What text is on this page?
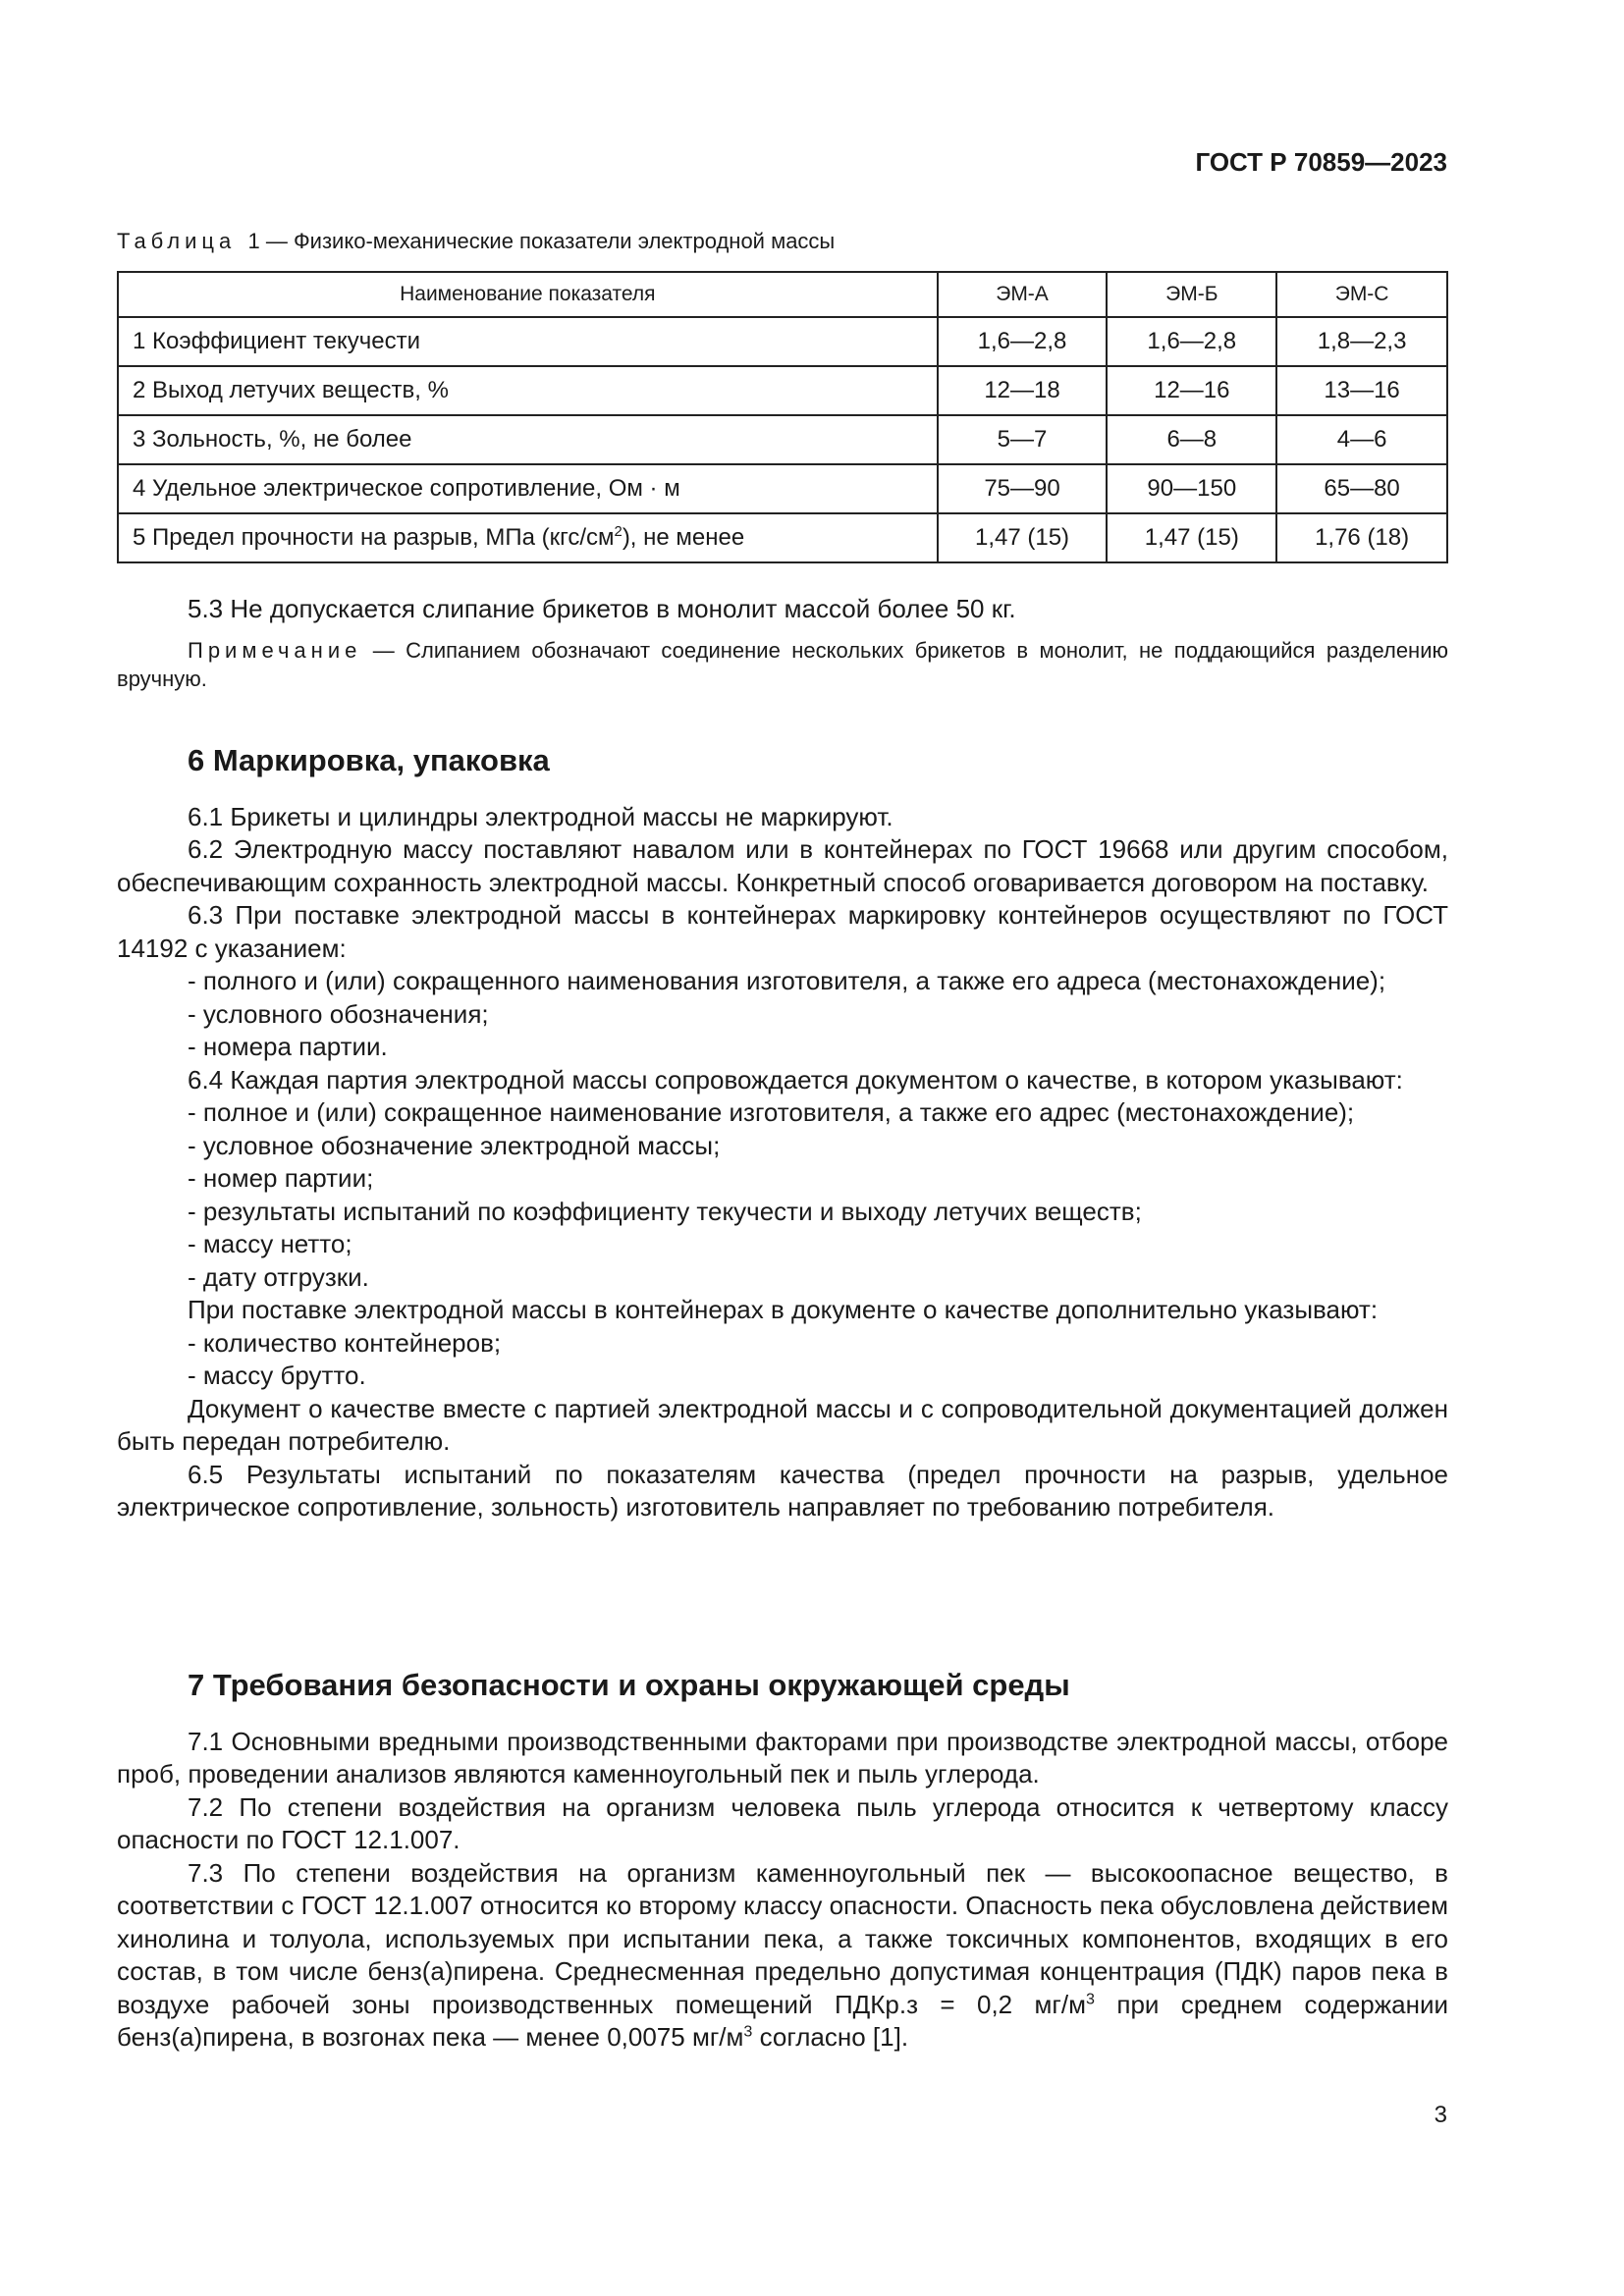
ГОСТ Р 70859—2023
Таблица 1 — Физико-механические показатели электродной массы
Наименование показателя	ЭМ-А	ЭМ-Б	ЭМ-С
1 Коэффициент текучести	1,6—2,8	1,6—2,8	1,8—2,3
2 Выход летучих веществ, %	12—18	12—16	13—16
3 Зольность, %, не более	5—7	6—8	4—6
4 Удельное электрическое сопротивление, Ом · м	75—90	90—150	65—80
5 Предел прочности на разрыв, МПа $(кгс/см^2)$, не менее	1,47 (15)	1,47 (15)	1,76 (18)

5.3 Не допускается слипание брикетов в монолит массой более 50 кг.

Примечание — Слипанием обозначают соединение нескольких брикетов в монолит, не поддающийся разделению вручную.

6 Маркировка, упаковка

6.1 Брикеты и цилиндры электродной массы не маркируют.

6.2 Электродную массу поставляют навалом или в контейнерах по ГОСТ 19668 или другим способом, обеспечивающим сохранность электродной массы. Конкретный способ оговаривается договором на поставку.

6.3 При поставке электродной массы в контейнерах маркировку контейнеров осуществляют по ГОСТ 14192 с указанием:

- полного и (или) сокращенного наименования изготовителя, а также его адреса (местонахождение);

- условного обозначения;

- номера партии.

6.4 Каждая партия электродной массы сопровождается документом о качестве, в котором указывают:

- полное и (или) сокращенное наименование изготовителя, а также его адрес (местонахождение);

- условное обозначение электродной массы;

- номер партии;

- результаты испытаний по коэффициенту текучести и выходу летучих веществ;

- массу нетто;

- дату отгрузки.

При поставке электродной массы в контейнерах в документе о качестве дополнительно указывают:

- количество контейнеров;

- массу брутто.

Документ о качестве вместе с партией электродной массы и с сопроводительной документацией должен быть передан потребителю.

6.5 Результаты испытаний по показателям качества (предел прочности на разрыв, удельное электрическое сопротивление, зольность) изготовитель направляет по требованию потребителя.

7 Требования безопасности и охраны окружающей среды

7.1 Основными вредными производственными факторами при производстве электродной массы, отборе проб, проведении анализов являются каменноугольный пек и пыль углерода.

7.2 По степени воздействия на организм человека пыль углерода относится к четвертому классу опасности по ГОСТ 12.1.007.

7.3 По степени воздействия на организм каменноугольный пек — высокоопасное вещество, в соответствии с ГОСТ 12.1.007 относится ко второму классу опасности. Опасность пека обусловлена действием хинолина и толуола, используемых при испытании пека, а также токсичных компонентов, входящих в его состав, в том числе бенз(а)пирена. Среднесменная предельно допустимая концентрация (ПДК) паров пека в воздухе рабочей зоны производственных помещений ПДКр.з = 0,2 $мг/м^3$ при среднем содержании бенз(а)пирена, в возгонах пека — менее 0,0075 $мг/м^3$ согласно [1].

3
